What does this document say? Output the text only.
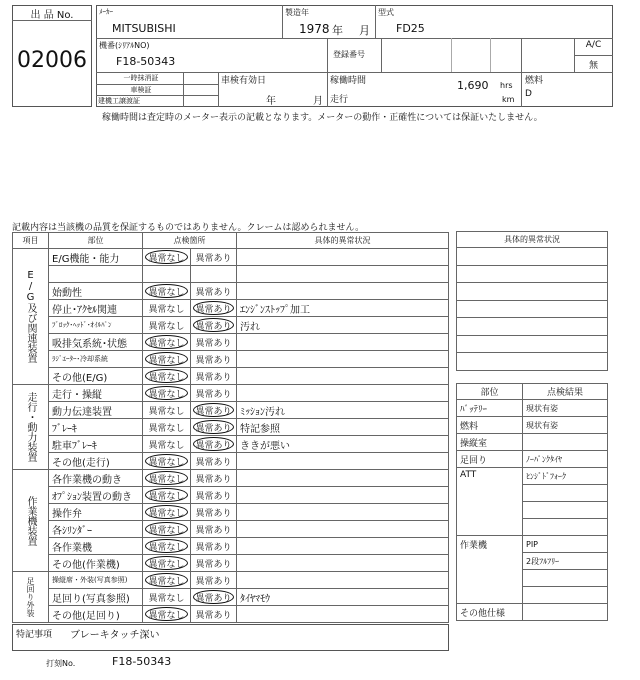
出 品 No.
02006
ﾒｰｶｰ
MITSUBISHI
製造年
1978 年 月
型式
FD25
機番(ｼﾘｱﾙNO)
F18-50343
登録番号
A/C
無
一時抹消証
車検証
建機工譲渡証
車検有効日
年	月
稼働時間	1,690 hrs
走行	km
燃料
D
稼働時間は査定時のメーター表示の記載となります。メーターの動作・正確性については保証いたしません。
記載内容は当該機の品質を保証するものではありません。クレームは認められません。
項目	部位	点検箇所		具体的異常状況
E/G及び関連装置	E/G機能・能力	異常なし	異常あり	

	始動性	異常なし	異常あり	
	停止･ｱｸｾﾙ関連	異常なし	異常あり	ｴﾝｼﾞﾝｽﾄｯﾌﾟ加工
	ﾌﾞﾛｯｸ･ﾍｯﾄﾞ･ｵｲﾙﾊﾟﾝ	異常なし	異常あり	汚れ
	吸排気系統･状態	異常なし	異常あり	
	ﾗｼﾞｴｰﾀｰ･冷却系統	異常なし	異常あり	
	その他(E/G)	異常なし	異常あり	
走行・動力装置	走行・操縦	異常なし	異常あり	
	動力伝達装置	異常なし	異常あり	ﾐｯｼｮﾝ汚れ
	ﾌﾞﾚｰｷ	異常なし	異常あり	特記参照
	駐車ﾌﾞﾚｰｷ	異常なし	異常あり	ききが悪い
	その他(走行)	異常なし	異常あり	
作業機装置	各作業機の動き	異常なし	異常あり	
	ｵﾌﾟｼｮﾝ装置の動き	異常なし	異常あり	
	操作弁	異常なし	異常あり	
	各ｼﾘﾝﾀﾞｰ	異常なし	異常あり	
	各作業機	異常なし	異常あり	
	その他(作業機)	異常なし	異常あり	
足回り外装	操縦席・外装(写真参照)	異常なし	異常あり	
	足回り(写真参照)	異常なし	異常あり	ﾀｲﾔﾏﾓｳ
	その他(足回り)	異常なし	異常あり	
特記事項 ブレーキタッチ深い
打刻No.	F18-50343
具体的異常状況

部位	点検結果
ﾊﾞｯﾃﾘｰ	現状有姿
燃料	現状有姿
操縦室	
足回り	ﾉｰﾊﾟﾝｸﾀｲﾔ
ATT	ﾋﾝｼﾞﾄﾞﾌｫｰｸ

作業機	PIP
	2段ﾌﾙﾌﾘｰ

その他仕様	
